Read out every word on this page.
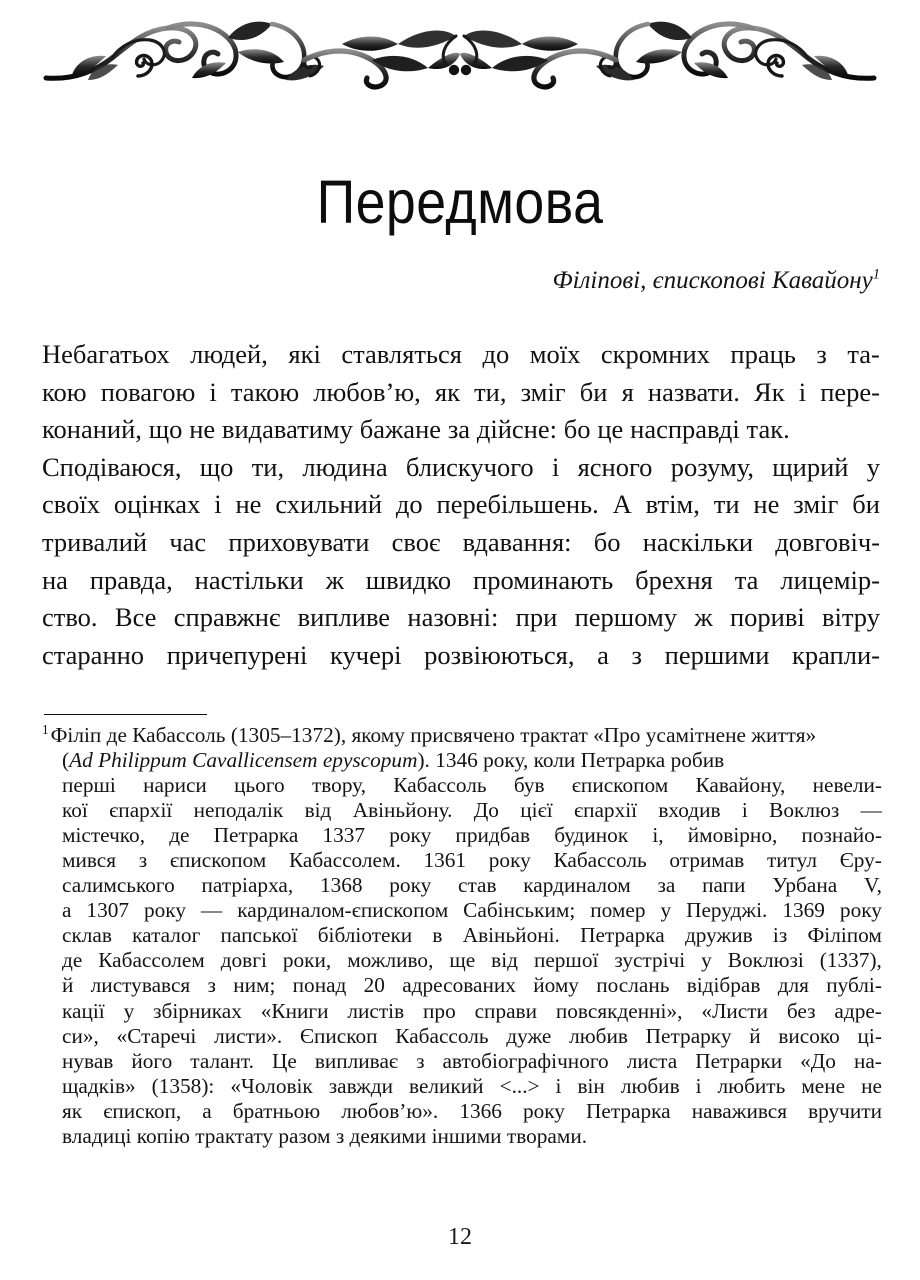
Передмова
Філіпові, єпископові Кавайону$^1$
Небагатьох людей, які ставляться до моїх скромних праць з та-
кою повагою і такою любов’ю, як ти, зміг би я назвати. Як і пере-
конаний, що не видаватиму бажане за дійсне: бо це насправді так.
Сподіваюся, що ти, людина блискучого і ясного розуму, щирий у
своїх оцінках і не схильний до перебільшень. А втім, ти не зміг би
тривалий час приховувати своє вдавання: бо наскільки довговіч-
на правда, настільки ж швидко проминають брехня та лицемір-
ство. Все справжнє випливе назовні: при першому ж пориві вітру
старанно причепурені кучері розвіюються, а з першими крапли-
$^1$Філіп де Кабассоль (1305–1372), якому присвячено трактат «Про усамітнене життя»
(Ad Philippum Cavallicensem epyscopum). 1346 року, коли Петрарка робив
перші нариси цього твору, Кабассоль був єпископом Кавайону, невели-
кої єпархії неподалік від Авіньйону. До цієї єпархії входив і Воклюз —
містечко, де Петрарка 1337 року придбав будинок і, ймовірно, познайо-
мився з єпископом Кабассолем. 1361 року Кабассоль отримав титул Єру-
салимського патріарха, 1368 року став кардиналом за папи Урбана V,
а 1307 року — кардиналом-єпископом Сабінським; помер у Перуджі. 1369 року
склав каталог папської бібліотеки в Авіньйоні. Петрарка дружив із Філіпом
де Кабассолем довгі роки, можливо, ще від першої зустрічі у Воклюзі (1337),
й листувався з ним; понад 20 адресованих йому послань відібрав для публі-
кації у збірниках «Книги листів про справи повсякденні», «Листи без адре-
си», «Старечі листи». Єпископ Кабассоль дуже любив Петрарку й високо ці-
нував його талант. Це випливає з автобіографічного листа Петрарки «До на-
щадків» (1358): «Чоловік завжди великий <...> і він любив і любить мене не
як єпископ, а братньою любов’ю». 1366 року Петрарка наважився вручити
владиці копію трактату разом з деякими іншими творами.
12
